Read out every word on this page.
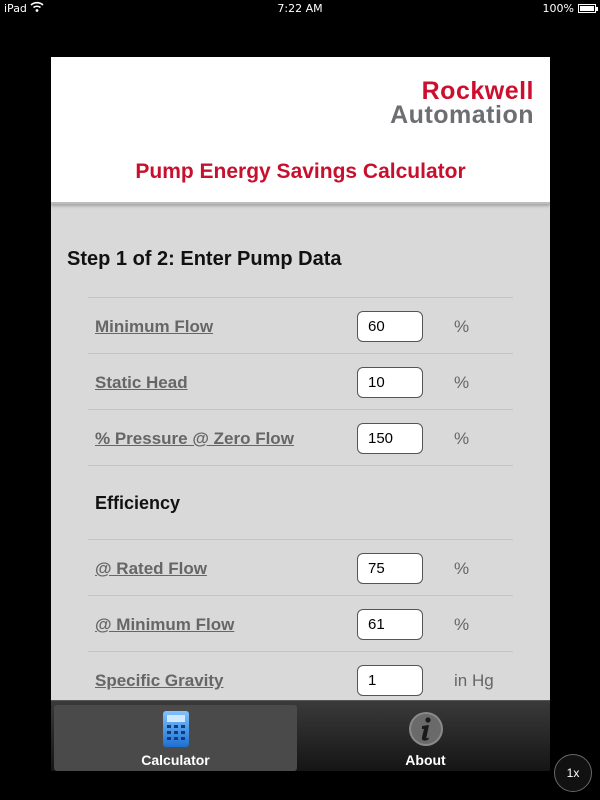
iPad	7:22 AM	100%
Rockwell
Automation
Pump Energy Savings Calculator
Step 1 of 2: Enter Pump Data
Minimum Flow	60	%
Static Head	10	%
% Pressure @ Zero Flow	150	%
Efficiency
@ Rated Flow	75	%
@ Minimum Flow	61	%
Specific Gravity	1	in Hg
Calculator	About
1x
